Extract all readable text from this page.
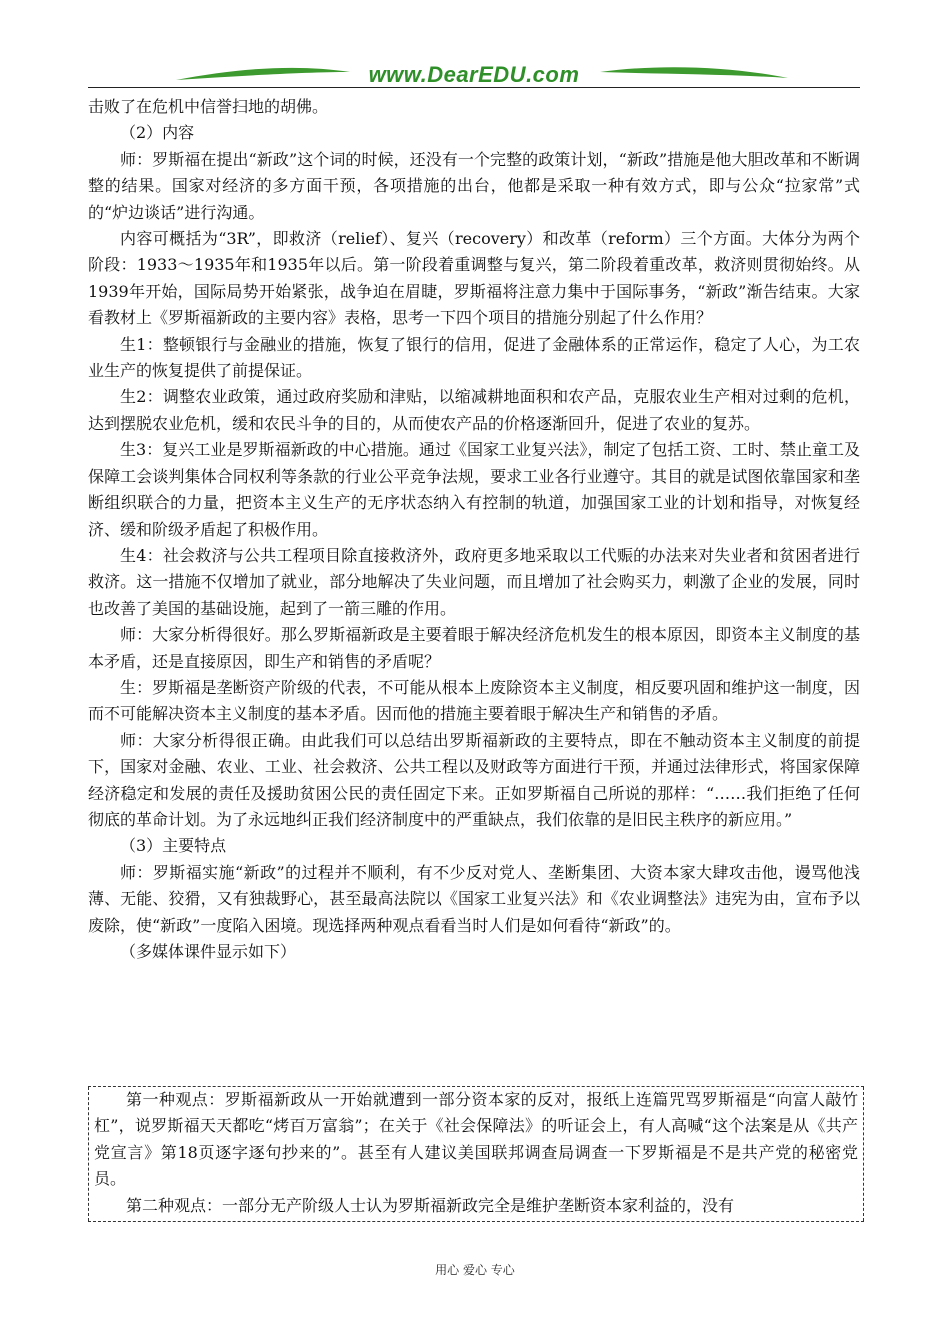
www.DearEDU.com

击败了在危机中信誉扫地的胡佛。

（2）内容

师：罗斯福在提出“新政”这个词的时候，还没有一个完整的政策计划，“新政”措施是他大胆改革和不断调整的结果。国家对经济的多方面干预，各项措施的出台，他都是采取一种有效方式，即与公众“拉家常”式的“炉边谈话”进行沟通。

内容可概括为“3R”，即救济（relief）、复兴（recovery）和改革（reform）三个方面。大体分为两个阶段：1933～1935年和1935年以后。第一阶段着重调整与复兴，第二阶段着重改革，救济则贯彻始终。从1939年开始，国际局势开始紧张，战争迫在眉睫，罗斯福将注意力集中于国际事务，“新政”渐告结束。大家看教材上《罗斯福新政的主要内容》表格，思考一下四个项目的措施分别起了什么作用？

生1：整顿银行与金融业的措施，恢复了银行的信用，促进了金融体系的正常运作，稳定了人心，为工农业生产的恢复提供了前提保证。

生2：调整农业政策，通过政府奖励和津贴，以缩减耕地面积和农产品，克服农业生产相对过剩的危机，达到摆脱农业危机，缓和农民斗争的目的，从而使农产品的价格逐渐回升，促进了农业的复苏。

生3：复兴工业是罗斯福新政的中心措施。通过《国家工业复兴法》，制定了包括工资、工时、禁止童工及保障工会谈判集体合同权利等条款的行业公平竞争法规，要求工业各行业遵守。其目的就是试图依靠国家和垄断组织联合的力量，把资本主义生产的无序状态纳入有控制的轨道，加强国家工业的计划和指导，对恢复经济、缓和阶级矛盾起了积极作用。

生4：社会救济与公共工程项目除直接救济外，政府更多地采取以工代赈的办法来对失业者和贫困者进行救济。这一措施不仅增加了就业，部分地解决了失业问题，而且增加了社会购买力，刺激了企业的发展，同时也改善了美国的基础设施，起到了一箭三雕的作用。

师：大家分析得很好。那么罗斯福新政是主要着眼于解决经济危机发生的根本原因，即资本主义制度的基本矛盾，还是直接原因，即生产和销售的矛盾呢？

生：罗斯福是垄断资产阶级的代表，不可能从根本上废除资本主义制度，相反要巩固和维护这一制度，因而不可能解决资本主义制度的基本矛盾。因而他的措施主要着眼于解决生产和销售的矛盾。

师：大家分析得很正确。由此我们可以总结出罗斯福新政的主要特点，即在不触动资本主义制度的前提下，国家对金融、农业、工业、社会救济、公共工程以及财政等方面进行干预，并通过法律形式，将国家保障经济稳定和发展的责任及援助贫困公民的责任固定下来。正如罗斯福自己所说的那样：“……我们拒绝了任何彻底的革命计划。为了永远地纠正我们经济制度中的严重缺点，我们依靠的是旧民主秩序的新应用。”

（3）主要特点

师：罗斯福实施“新政”的过程并不顺利，有不少反对党人、垄断集团、大资本家大肆攻击他，谩骂他浅薄、无能、狡猾，又有独裁野心，甚至最高法院以《国家工业复兴法》和《农业调整法》违宪为由，宣布予以废除，使“新政”一度陷入困境。现选择两种观点看看当时人们是如何看待“新政”的。

（多媒体课件显示如下）

第一种观点：罗斯福新政从一开始就遭到一部分资本家的反对，报纸上连篇咒骂罗斯福是“向富人敲竹杠”，说罗斯福天天都吃“烤百万富翁”；在关于《社会保障法》的听证会上，有人高喊“这个法案是从《共产党宣言》第18页逐字逐句抄来的”。甚至有人建议美国联邦调查局调查一下罗斯福是不是共产党的秘密党员。

第二种观点：一部分无产阶级人士认为罗斯福新政完全是维护垄断资本家利益的，没有

用心 爱心 专心
